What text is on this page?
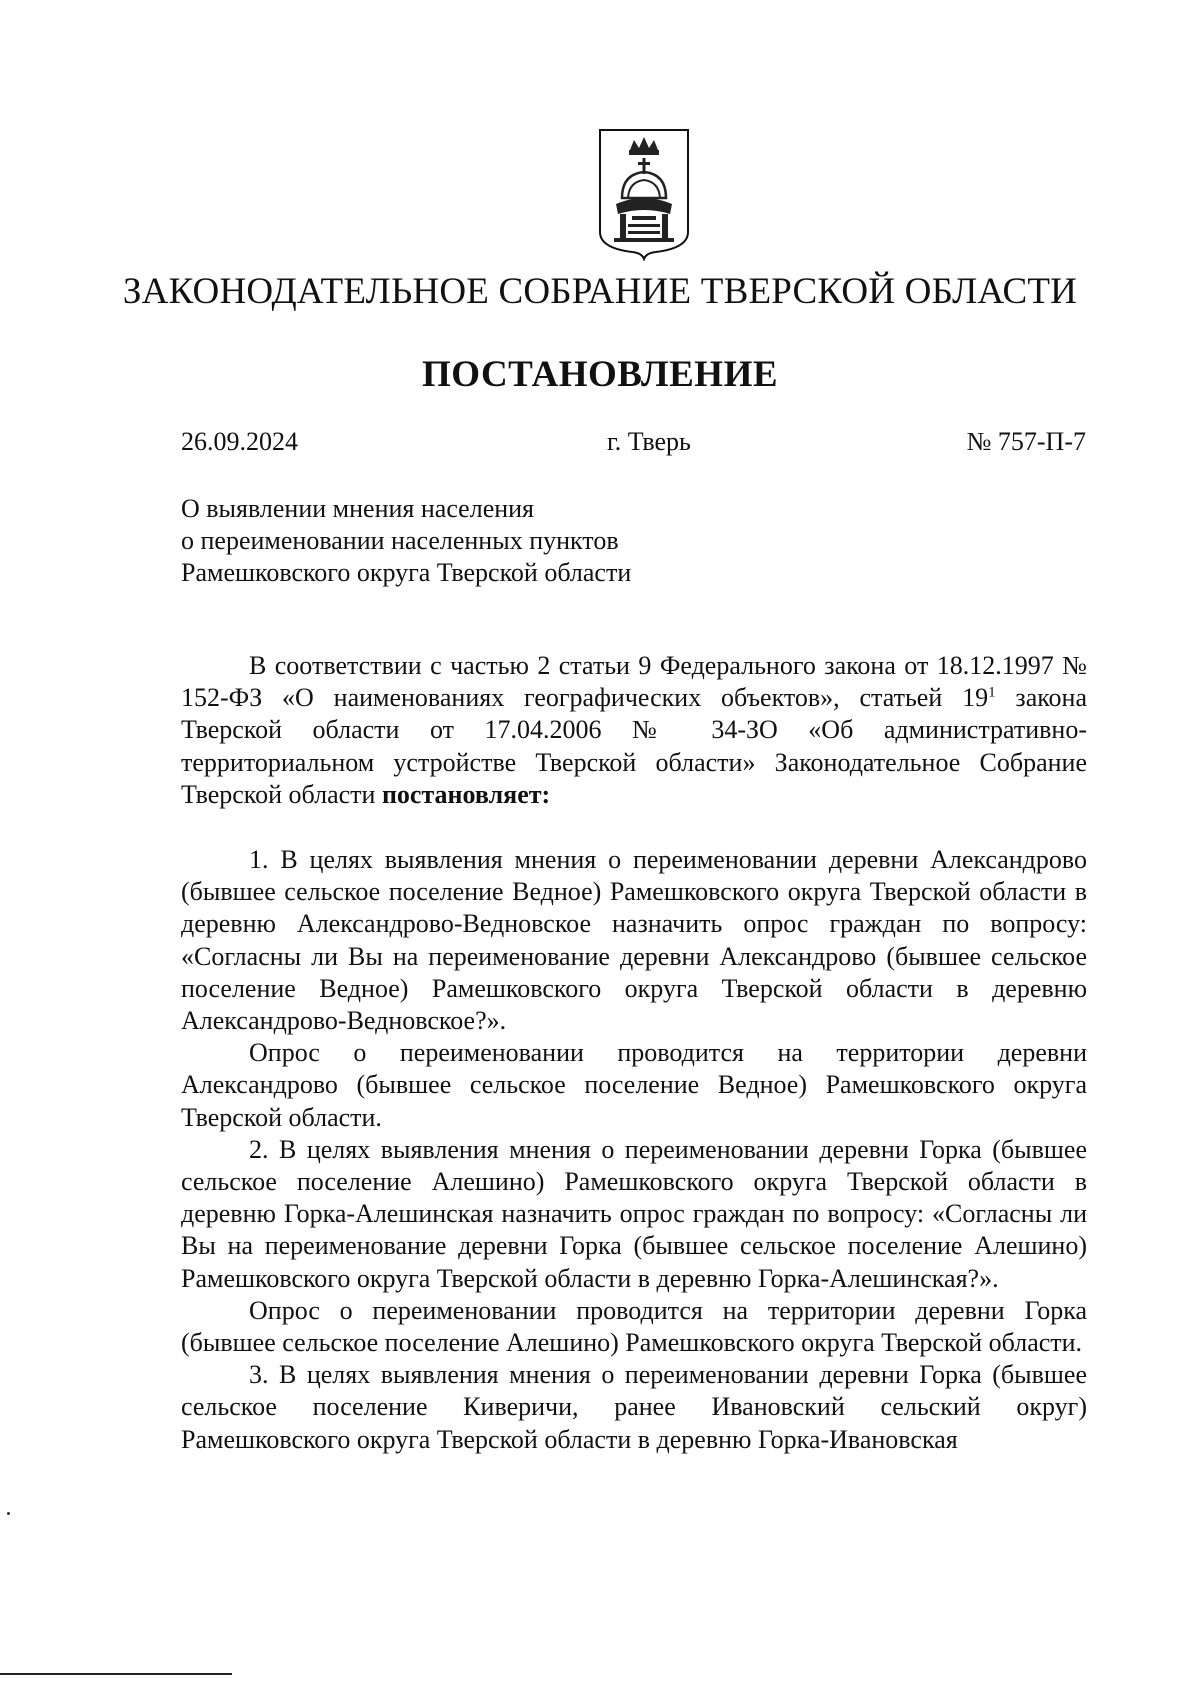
ЗАКОНОДАТЕЛЬНОЕ СОБРАНИЕ ТВЕРСКОЙ ОБЛАСТИ
ПОСТАНОВЛЕНИЕ
26.09.2024	г. Тверь	№ 757-П-7
О выявлении мнения населения
о переименовании населенных пунктов
Рамешковского округа Тверской области

В соответствии с частью 2 статьи 9 Федерального закона от 18.12.1997 № 152-ФЗ «О наименованиях географических объектов», статьей $19^1$ закона Тверской области от 17.04.2006 № 34-ЗО «Об административно-территориальном устройстве Тверской области» Законодательное Собрание Тверской области постановляет:

1. В целях выявления мнения о переименовании деревни Александрово (бывшее сельское поселение Ведное) Рамешковского округа Тверской области в деревню Александрово-Ведновское назначить опрос граждан по вопросу: «Согласны ли Вы на переименование деревни Александрово (бывшее сельское поселение Ведное) Рамешковского округа Тверской области в деревню Александрово-Ведновское?».

Опрос о переименовании проводится на территории деревни Александрово (бывшее сельское поселение Ведное) Рамешковского округа Тверской области.

2. В целях выявления мнения о переименовании деревни Горка (бывшее сельское поселение Алешино) Рамешковского округа Тверской области в деревню Горка-Алешинская назначить опрос граждан по вопросу: «Согласны ли Вы на переименование деревни Горка (бывшее сельское поселение Алешино) Рамешковского округа Тверской области в деревню Горка-Алешинская?».

Опрос о переименовании проводится на территории деревни Горка (бывшее сельское поселение Алешино) Рамешковского округа Тверской области.

3. В целях выявления мнения о переименовании деревни Горка (бывшее сельское поселение Киверичи, ранее Ивановский сельский округ) Рамешковского округа Тверской области в деревню Горка-Ивановская
